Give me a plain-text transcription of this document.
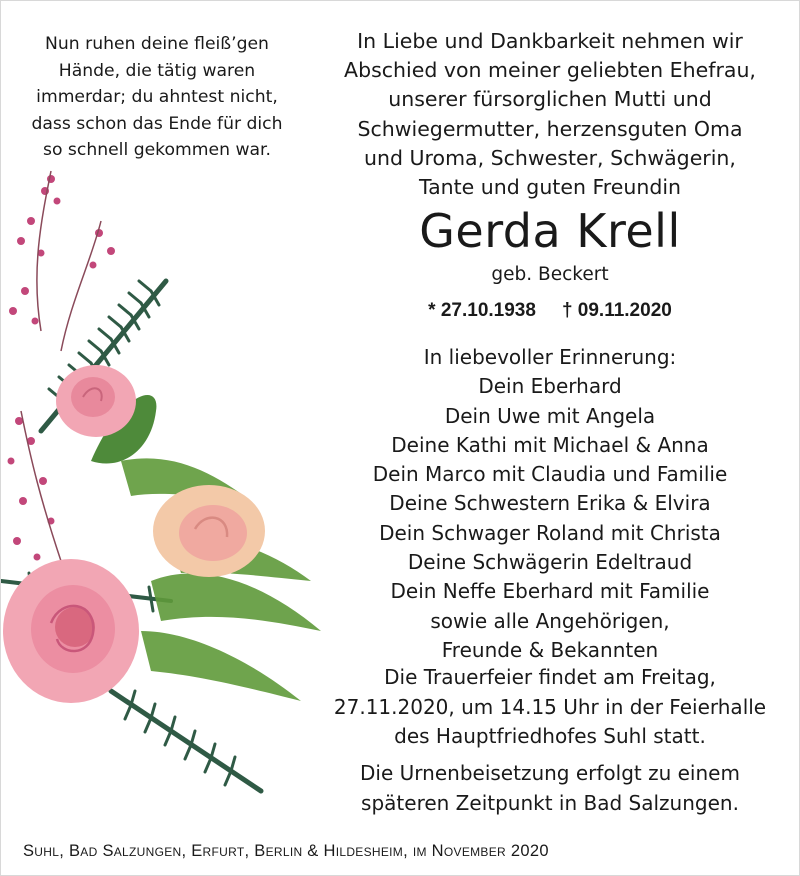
Nun ruhen deine fleiß’gen
Hände, die tätig waren
immerdar; du ahntest nicht,
dass schon das Ende für dich
so schnell gekommen war.
In Liebe und Dankbarkeit nehmen wir
Abschied von meiner geliebten Ehefrau,
unserer fürsorglichen Mutti und
Schwiegermutter, herzensguten Oma
und Uroma, Schwester, Schwägerin,
Tante und guten Freundin
Gerda Krell
geb. Beckert
* 27.10.1938 † 09.11.2020
In liebevoller Erinnerung:
Dein Eberhard
Dein Uwe mit Angela
Deine Kathi mit Michael & Anna
Dein Marco mit Claudia und Familie
Deine Schwestern Erika & Elvira
Dein Schwager Roland mit Christa
Deine Schwägerin Edeltraud
Dein Neffe Eberhard mit Familie
sowie alle Angehörigen,
Freunde & Bekannten
Die Trauerfeier findet am Freitag,
27.11.2020, um 14.15 Uhr in der Feierhalle
des Hauptfriedhofes Suhl statt.
Die Urnenbeisetzung erfolgt zu einem
späteren Zeitpunkt in Bad Salzungen.
Suhl, Bad Salzungen, Erfurt, Berlin & Hildesheim, im November 2020
